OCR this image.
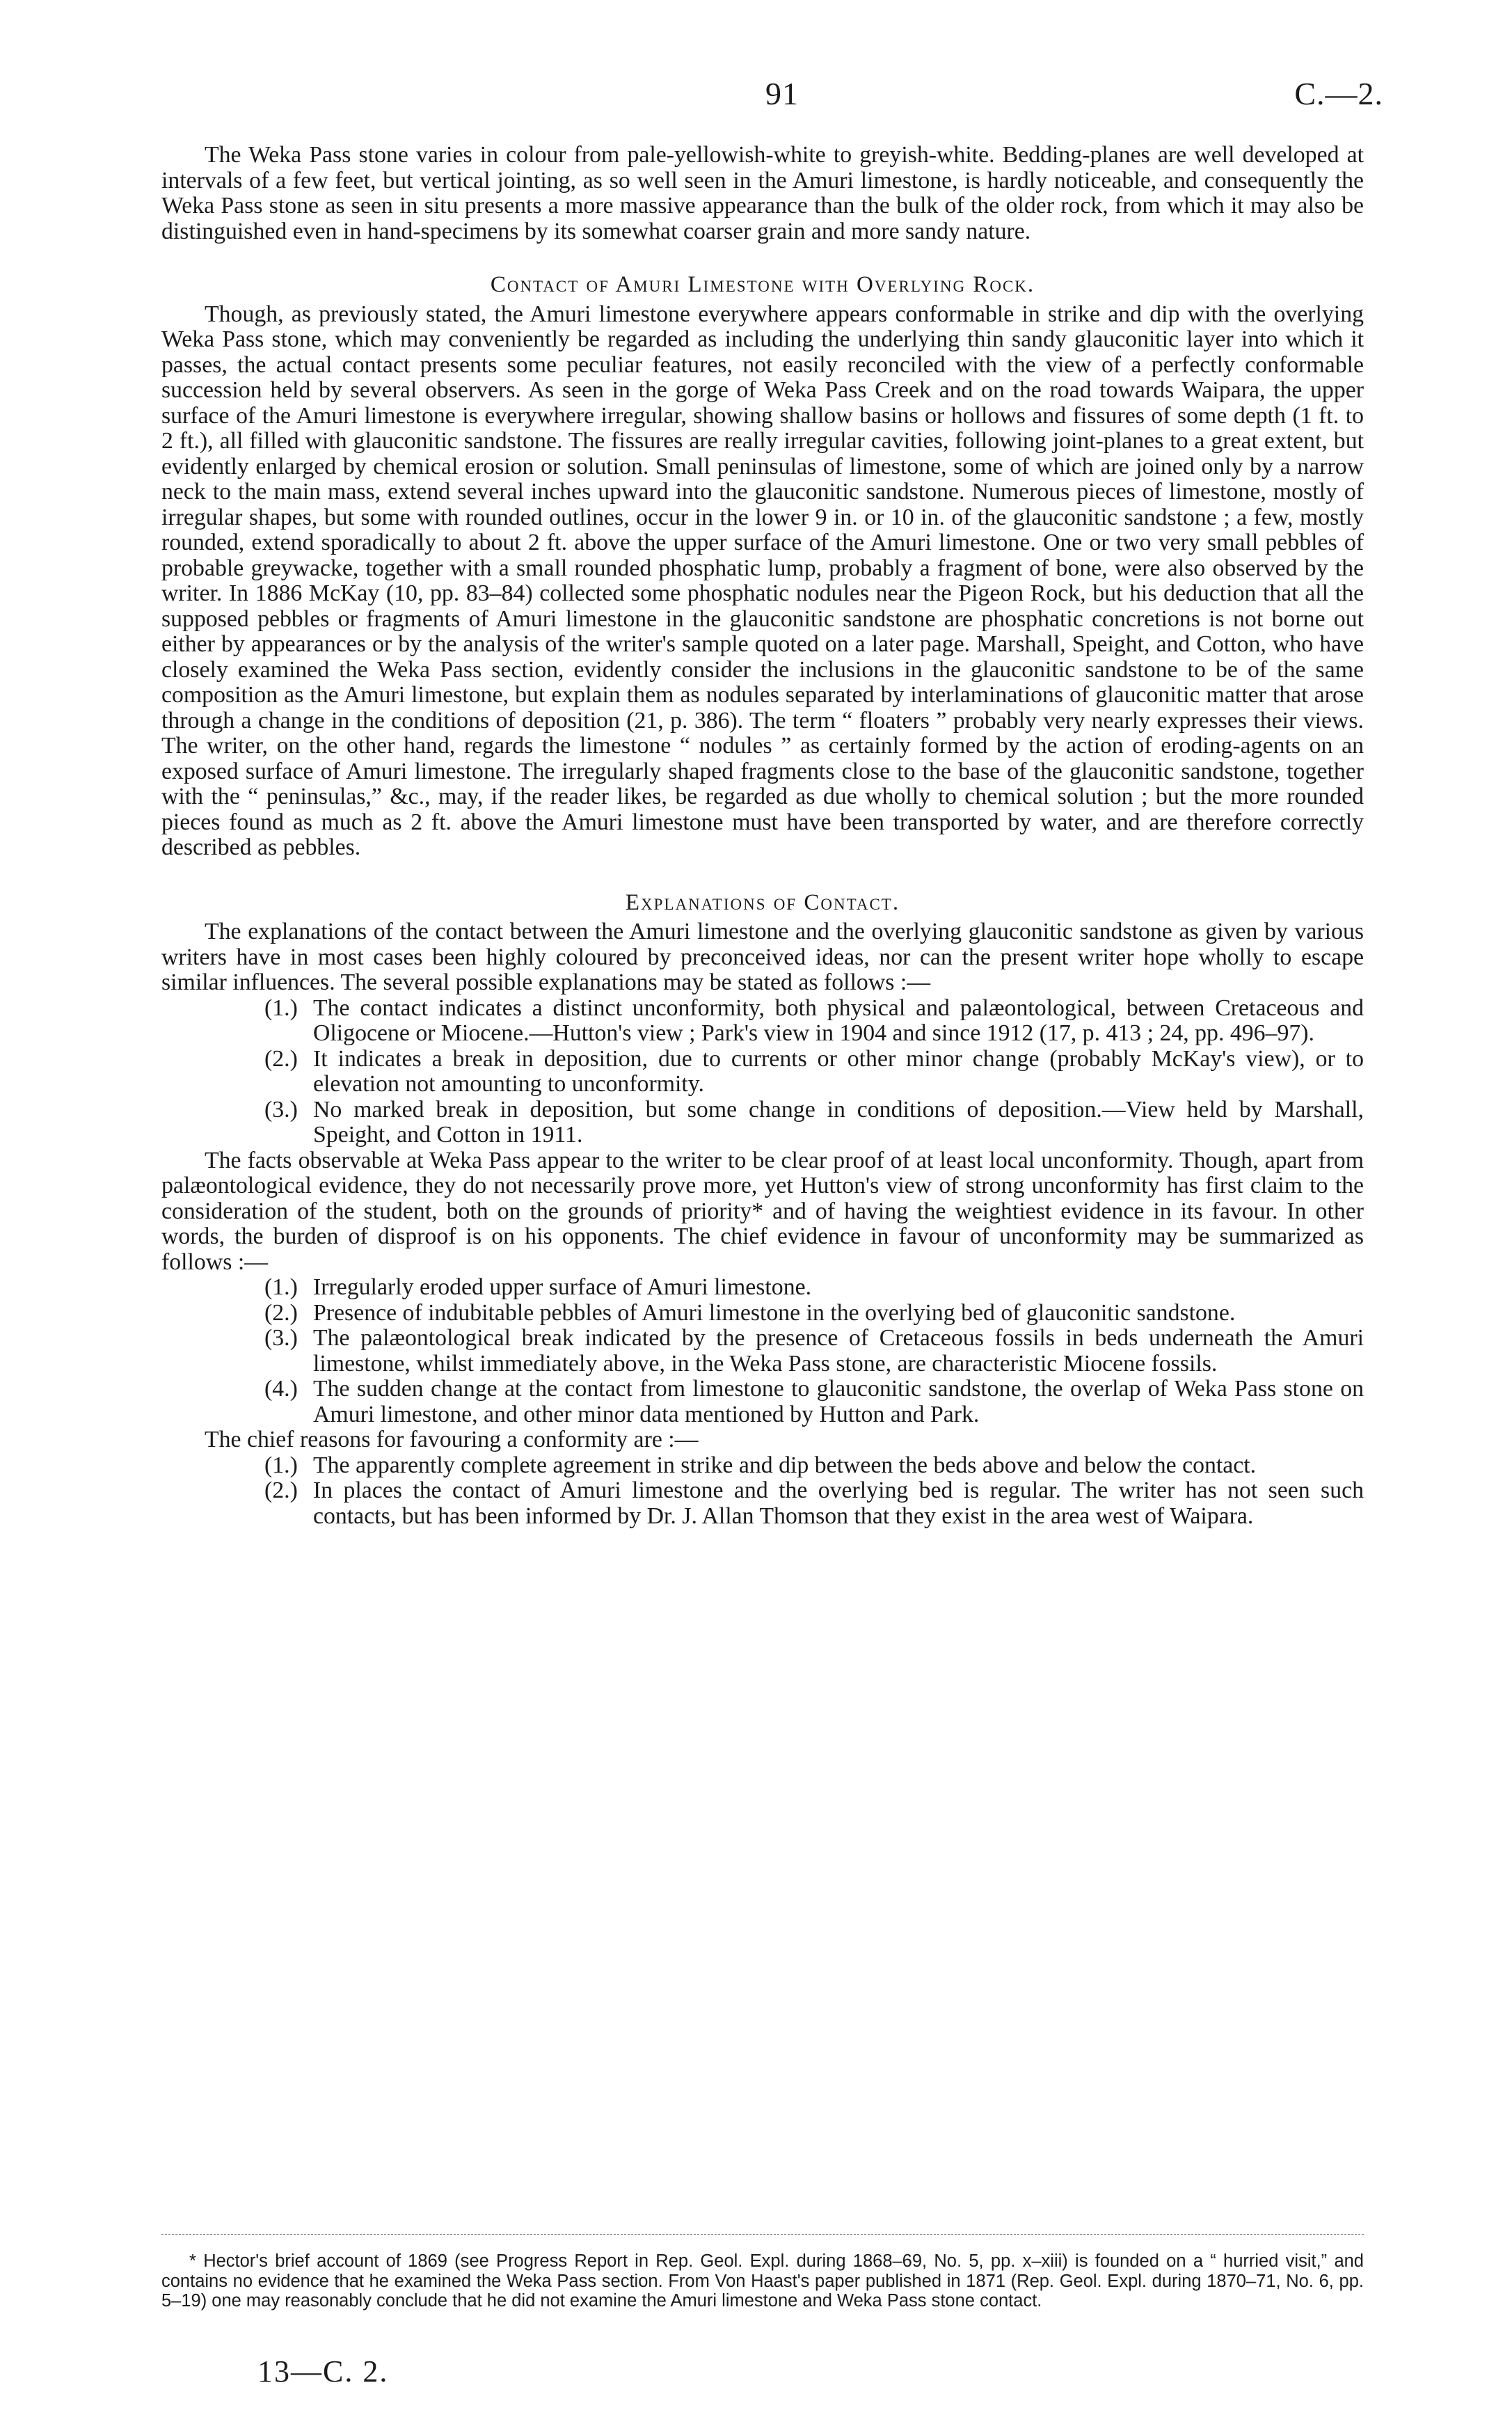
91	C.—2.

The Weka Pass stone varies in colour from pale-yellowish-white to greyish-white. Bedding-planes are well developed at intervals of a few feet, but vertical jointing, as so well seen in the Amuri limestone, is hardly noticeable, and consequently the Weka Pass stone as seen in situ presents a more massive appearance than the bulk of the older rock, from which it may also be distinguished even in hand-specimens by its somewhat coarser grain and more sandy nature.

Contact of Amuri Limestone with Overlying Rock.

Though, as previously stated, the Amuri limestone everywhere appears conformable in strike and dip with the overlying Weka Pass stone, which may conveniently be regarded as including the underlying thin sandy glauconitic layer into which it passes, the actual contact presents some peculiar features, not easily reconciled with the view of a perfectly conformable succession held by several observers. As seen in the gorge of Weka Pass Creek and on the road towards Waipara, the upper surface of the Amuri limestone is everywhere irregular, showing shallow basins or hollows and fissures of some depth (1 ft. to 2 ft.), all filled with glauconitic sandstone. The fissures are really irregular cavities, following joint-planes to a great extent, but evidently enlarged by chemical erosion or solution. Small peninsulas of limestone, some of which are joined only by a narrow neck to the main mass, extend several inches upward into the glauconitic sandstone. Numerous pieces of limestone, mostly of irregular shapes, but some with rounded outlines, occur in the lower 9 in. or 10 in. of the glauconitic sandstone ; a few, mostly rounded, extend sporadically to about 2 ft. above the upper surface of the Amuri limestone. One or two very small pebbles of probable greywacke, together with a small rounded phosphatic lump, probably a fragment of bone, were also observed by the writer. In 1886 McKay (10, pp. 83–84) collected some phosphatic nodules near the Pigeon Rock, but his deduction that all the supposed pebbles or fragments of Amuri limestone in the glauconitic sandstone are phosphatic concretions is not borne out either by appearances or by the analysis of the writer's sample quoted on a later page. Marshall, Speight, and Cotton, who have closely examined the Weka Pass section, evidently consider the inclusions in the glauconitic sandstone to be of the same composition as the Amuri limestone, but explain them as nodules separated by interlaminations of glauconitic matter that arose through a change in the conditions of deposition (21, p. 386). The term “ floaters ” probably very nearly expresses their views. The writer, on the other hand, regards the limestone “ nodules ” as certainly formed by the action of eroding-agents on an exposed surface of Amuri limestone. The irregularly shaped fragments close to the base of the glauconitic sandstone, together with the “ peninsulas,” &c., may, if the reader likes, be regarded as due wholly to chemical solution ; but the more rounded pieces found as much as 2 ft. above the Amuri limestone must have been transported by water, and are therefore correctly described as pebbles.

Explanations of Contact.

The explanations of the contact between the Amuri limestone and the overlying glauconitic sandstone as given by various writers have in most cases been highly coloured by preconceived ideas, nor can the present writer hope wholly to escape similar influences. The several possible explanations may be stated as follows :—

(1.) The contact indicates a distinct unconformity, both physical and palæontological, between Cretaceous and Oligocene or Miocene.—Hutton's view ; Park's view in 1904 and since 1912 (17, p. 413 ; 24, pp. 496–97).
(2.) It indicates a break in deposition, due to currents or other minor change (probably McKay's view), or to elevation not amounting to unconformity.
(3.) No marked break in deposition, but some change in conditions of deposition.—View held by Marshall, Speight, and Cotton in 1911.

The facts observable at Weka Pass appear to the writer to be clear proof of at least local unconformity. Though, apart from palæontological evidence, they do not necessarily prove more, yet Hutton's view of strong unconformity has first claim to the consideration of the student, both on the grounds of priority* and of having the weightiest evidence in its favour. In other words, the burden of disproof is on his opponents. The chief evidence in favour of unconformity may be summarized as follows :—

(1.) Irregularly eroded upper surface of Amuri limestone.
(2.) Presence of indubitable pebbles of Amuri limestone in the overlying bed of glauconitic sandstone.
(3.) The palæontological break indicated by the presence of Cretaceous fossils in beds underneath the Amuri limestone, whilst immediately above, in the Weka Pass stone, are characteristic Miocene fossils.
(4.) The sudden change at the contact from limestone to glauconitic sandstone, the overlap of Weka Pass stone on Amuri limestone, and other minor data mentioned by Hutton and Park.

The chief reasons for favouring a conformity are :—

(1.) The apparently complete agreement in strike and dip between the beds above and below the contact.
(2.) In places the contact of Amuri limestone and the overlying bed is regular. The writer has not seen such contacts, but has been informed by Dr. J. Allan Thomson that they exist in the area west of Waipara.
* Hector's brief account of 1869 (see Progress Report in Rep. Geol. Expl. during 1868–69, No. 5, pp. x–xiii) is founded on a “ hurried visit,” and contains no evidence that he examined the Weka Pass section. From Von Haast's paper published in 1871 (Rep. Geol. Expl. during 1870–71, No. 6, pp. 5–19) one may reasonably conclude that he did not examine the Amuri limestone and Weka Pass stone contact.
13—C. 2.
